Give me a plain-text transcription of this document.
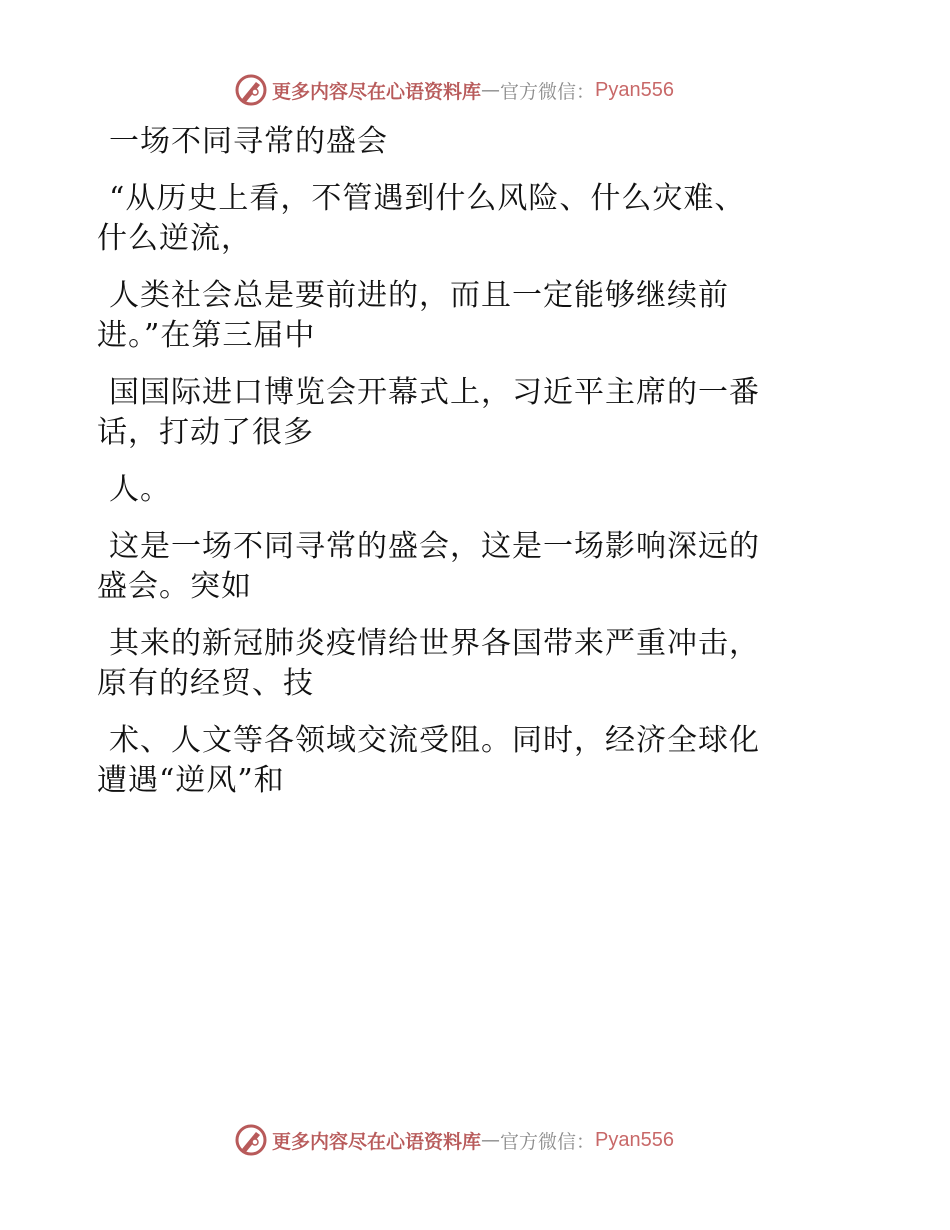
更多内容尽在心语资料库 — 官方微信： Pyan556
一场不同寻常的盛会
“从历史上看，不管遇到什么风险、什么灾难、
什么逆流，
人类社会总是要前进的，而且一定能够继续前
进。”在第三届中
国国际进口博览会开幕式上，习近平主席的一番
话，打动了很多
人。
这是一场不同寻常的盛会，这是一场影响深远的
盛会。突如
其来的新冠肺炎疫情给世界各国带来严重冲击，
原有的经贸、技
术、人文等各领域交流受阻。同时，经济全球化
遭遇“逆风”和
更多内容尽在心语资料库 — 官方微信： Pyan556
